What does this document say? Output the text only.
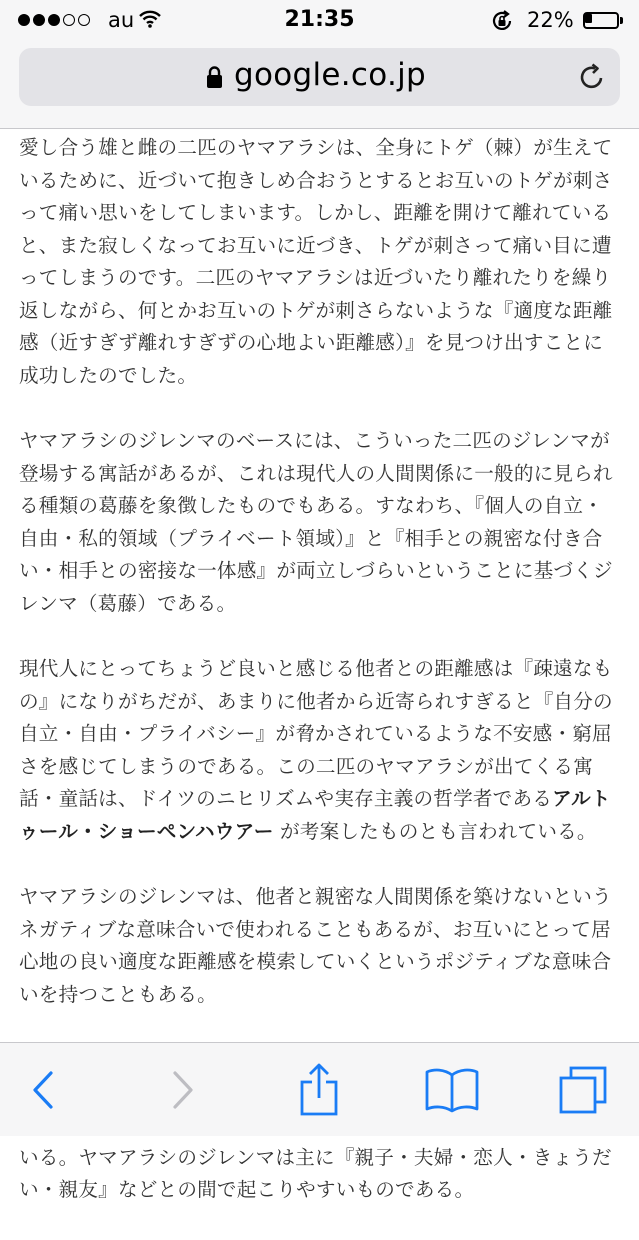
au	21:35	22%
google.co.jp

愛し合う雄と雌の二匹のヤマアラシは、全身にトゲ（棘）が生えているために、近づいて抱きしめ合おうとするとお互いのトゲが刺さって痛い思いをしてしまいます。しかし、距離を開けて離れていると、また寂しくなってお互いに近づき、トゲが刺さって痛い目に遭ってしまうのです。二匹のヤマアラシは近づいたり離れたりを繰り返しながら、何とかお互いのトゲが刺さらないような『適度な距離感（近すぎず離れすぎずの心地よい距離感）』を見つけ出すことに成功したのでした。

ヤマアラシのジレンマのベースには、こういった二匹のジレンマが登場する寓話があるが、これは現代人の人間関係に一般的に見られる種類の葛藤を象徴したものでもある。すなわち、『個人の自立・自由・私的領域（プライベート領域）』と『相手との親密な付き合い・相手との密接な一体感』が両立しづらいということに基づくジレンマ（葛藤）である。

現代人にとってちょうど良いと感じる他者との距離感は『疎遠なもの』になりがちだが、あまりに他者から近寄られすぎると『自分の自立・自由・プライバシー』が脅かされているような不安感・窮屈さを感じてしまうのである。この二匹のヤマアラシが出てくる寓話・童話は、ドイツのニヒリズムや実存主義の哲学者であるアルトゥール・ショーペンハウアー が考案したものとも言われている。

ヤマアラシのジレンマは、他者と親密な人間関係を築けないというネガティブな意味合いで使われることもあるが、お互いにとって居心地の良い適度な距離感を模索していくというポジティブな意味合いを持つこともある。

いる。ヤマアラシのジレンマは主に『親子・夫婦・恋人・きょうだい・親友』などとの間で起こりやすいものである。
